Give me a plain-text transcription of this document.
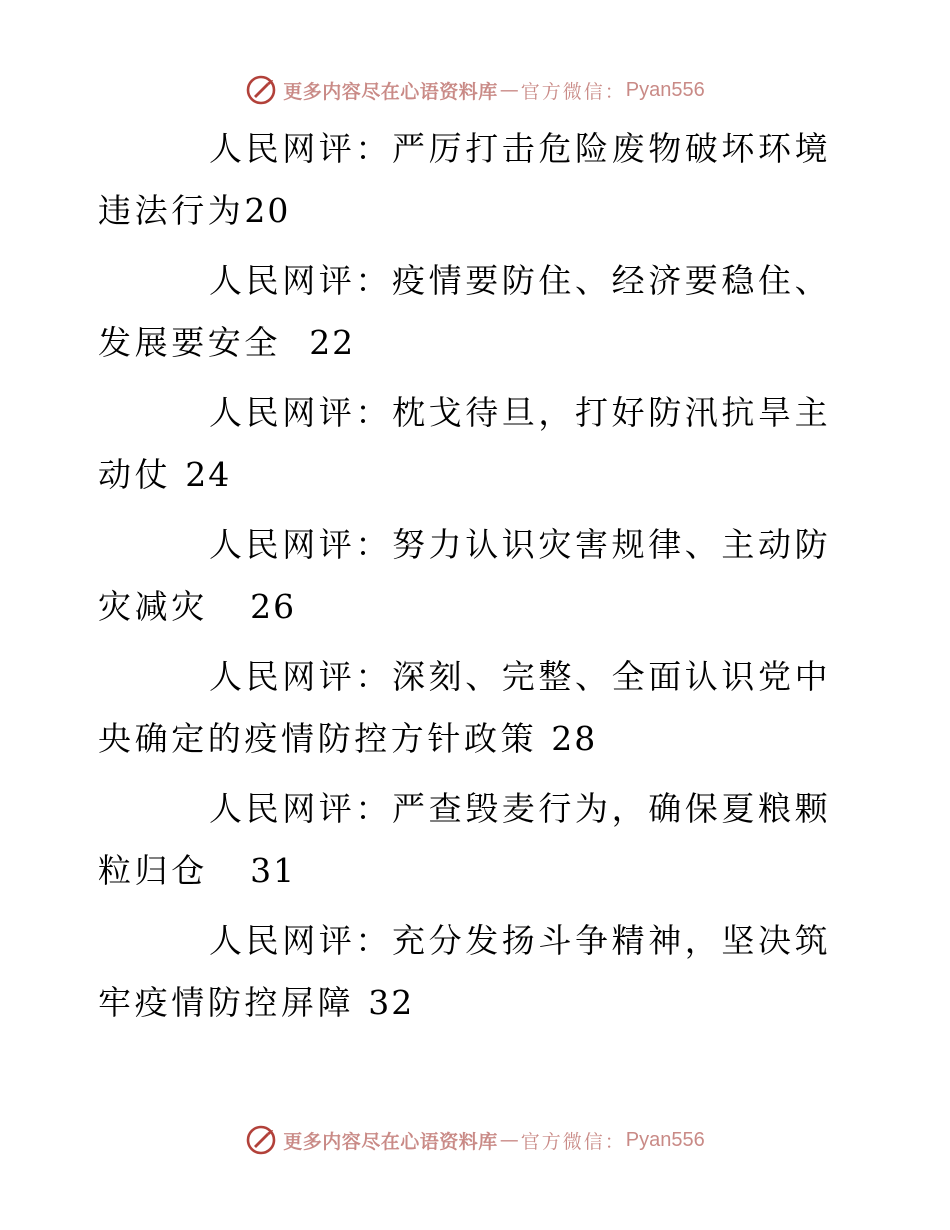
更多内容尽在心语资料库 — 官方微信： Pyan556
人民网评：严厉打击危险废物破坏环境违法行为20
人民网评：疫情要防住、经济要稳住、发展要安全 22
人民网评：枕戈待旦，打好防汛抗旱主动仗 24
人民网评：努力认识灾害规律、主动防灾减灾 26
人民网评：深刻、完整、全面认识党中央确定的疫情防控方针政策 28
人民网评：严查毁麦行为，确保夏粮颗粒归仓 31
人民网评：充分发扬斗争精神，坚决筑牢疫情防控屏障 32
更多内容尽在心语资料库 — 官方微信： Pyan556
